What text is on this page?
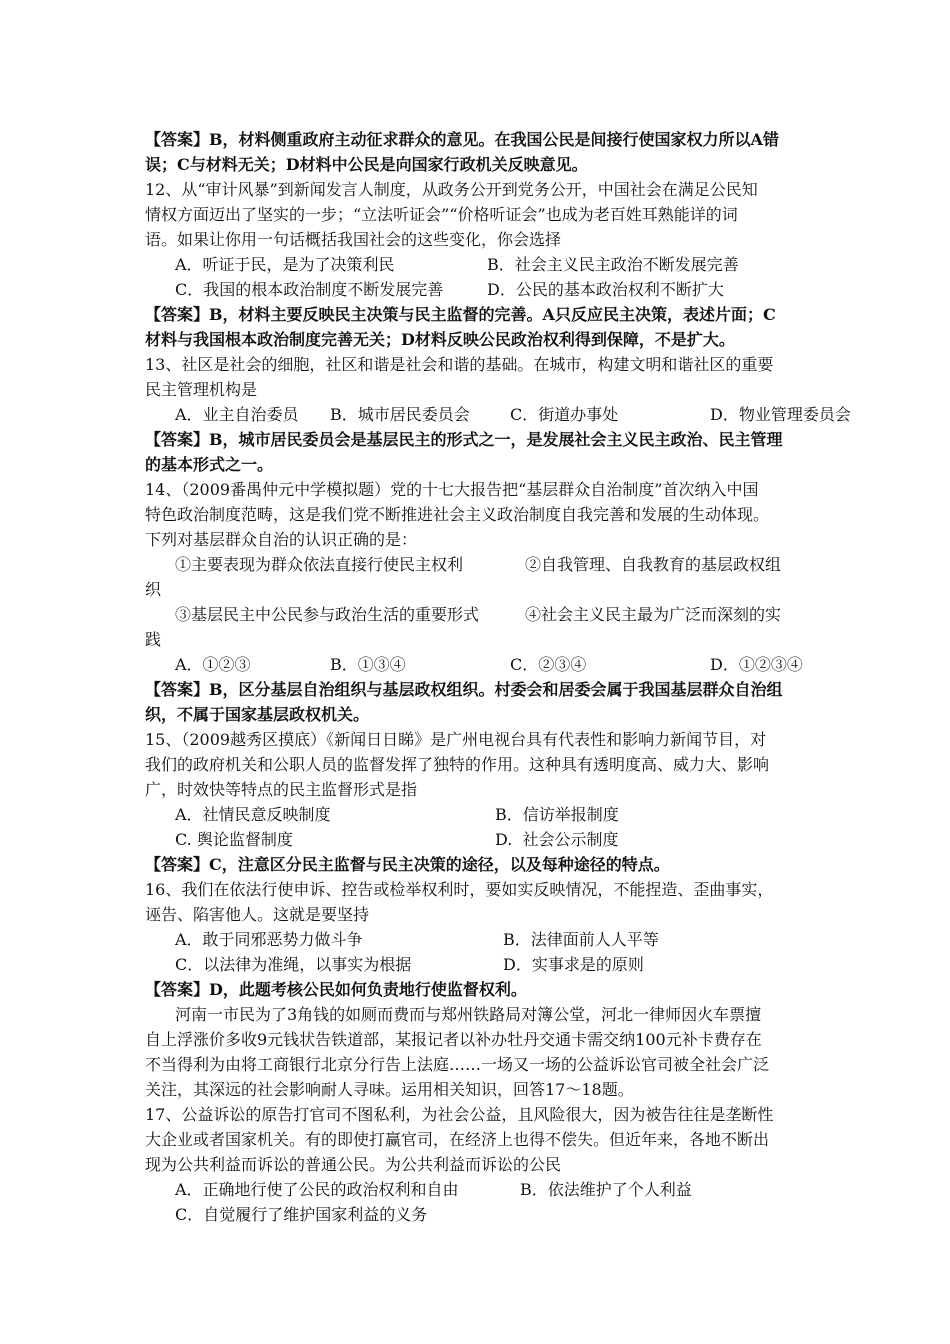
【答案】B，材料侧重政府主动征求群众的意见。在我国公民是间接行使国家权力所以A错
误；C与材料无关；D材料中公民是向国家行政机关反映意见。
12、从“审计风暴”到新闻发言人制度，从政务公开到党务公开，中国社会在满足公民知
情权方面迈出了坚实的一步；“立法听证会”“价格听证会”也成为老百姓耳熟能详的词
语。如果让你用一句话概括我国社会的这些变化，你会选择
A．听证于民，是为了决策利民	B．社会主义民主政治不断发展完善
C．我国的根本政治制度不断发展完善	D．公民的基本政治权利不断扩大
【答案】B，材料主要反映民主决策与民主监督的完善。A只反应民主决策，表述片面；C
材料与我国根本政治制度完善无关；D材料反映公民政治权利得到保障，不是扩大。
13、社区是社会的细胞，社区和谐是社会和谐的基础。在城市，构建文明和谐社区的重要
民主管理机构是
A．业主自治委员 B．城市居民委员会	C．街道办事处	D．物业管理委员会
【答案】B，城市居民委员会是基层民主的形式之一，是发展社会主义民主政治、民主管理
的基本形式之一。
14、（2009番禺仲元中学模拟题）党的十七大报告把“基层群众自治制度”首次纳入中国
特色政治制度范畴，这是我们党不断推进社会主义政治制度自我完善和发展的生动体现。
下列对基层群众自治的认识正确的是：
①主要表现为群众依法直接行使民主权利	②自我管理、自我教育的基层政权组
织
③基层民主中公民参与政治生活的重要形式	④社会主义民主最为广泛而深刻的实
践
A．①②③	B．①③④	C．②③④	D．①②③④
【答案】B，区分基层自治组织与基层政权组织。村委会和居委会属于我国基层群众自治组
织，不属于国家基层政权机关。
15、（2009越秀区摸底）《新闻日日睇》是广州电视台具有代表性和影响力新闻节目，对
我们的政府机关和公职人员的监督发挥了独特的作用。这种具有透明度高、威力大、影响
广，时效快等特点的民主监督形式是指
A．社情民意反映制度	B．信访举报制度
C. 舆论监督制度	D.  社会公示制度
【答案】C，注意区分民主监督与民主决策的途径，以及每种途径的特点。
16、我们在依法行使申诉、控告或检举权利时，要如实反映情况，不能捏造、歪曲事实，
诬告、陷害他人。这就是要坚持
A．敢于同邪恶势力做斗争	B．法律面前人人平等
C．以法律为准绳，以事实为根据	D．实事求是的原则
【答案】D，此题考核公民如何负责地行使监督权利。
河南一市民为了3角钱的如厕而费而与郑州铁路局对簿公堂，河北一律师因火车票擅
自上浮涨价多收9元钱状告铁道部，某报记者以补办牡丹交通卡需交纳100元补卡费存在
不当得利为由将工商银行北京分行告上法庭……一场又一场的公益诉讼官司被全社会广泛
关注，其深远的社会影响耐人寻味。运用相关知识，回答17～18题。
17、公益诉讼的原告打官司不图私利，为社会公益，且风险很大，因为被告往往是垄断性
大企业或者国家机关。有的即使打赢官司，在经济上也得不偿失。但近年来，各地不断出
现为公共利益而诉讼的普通公民。为公共利益而诉讼的公民
A．正确地行使了公民的政治权利和自由	B．依法维护了个人利益
C．自觉履行了维护国家利益的义务
